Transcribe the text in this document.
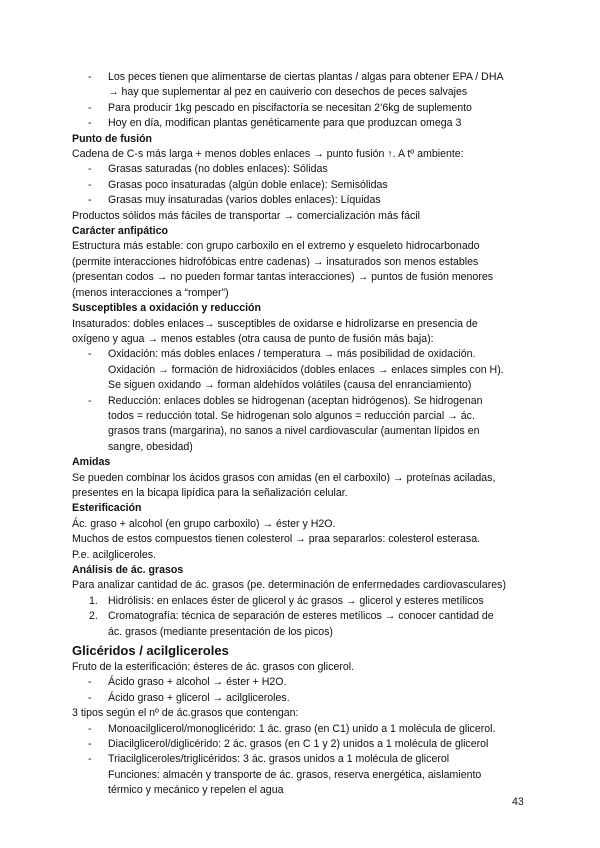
- Los peces tienen que alimentarse de ciertas plantas / algas para obtener EPA / DHA
→ hay que suplementar al pez en cauiverio con desechos de peces salvajes
- Para producir 1kg pescado en piscifactoría se necesitan 2’6kg de suplemento
- Hoy en día, modifican plantas genéticamente para que produzcan omega 3
Punto de fusión
Cadena de C-s más larga + menos dobles enlaces → punto fusión ↑. A tº ambiente:
- Grasas saturadas (no dobles enlaces): Sólidas
- Grasas poco insaturadas (algún doble enlace): Semisólidas
- Grasas muy insaturadas (varios dobles enlaces): Líquidas
Productos sólidos más fáciles de transportar → comercialización más fácil
Carácter anfipático
Estructura más estable: con grupo carboxilo en el extremo y esqueleto hidrocarbonado
(permite interacciones hidrofóbicas entre cadenas) → insaturados son menos estables
(presentan codos → no pueden formar tantas interacciones) → puntos de fusión menores
(menos interacciones a “romper”)
Susceptibles a oxidación y reducción
Insaturados: dobles enlaces→ susceptibles de oxidarse e hidrolizarse en presencia de
oxígeno y agua → menos estables (otra causa de punto de fusión más baja):
- Oxidación: más dobles enlaces / temperatura → más posibilidad de oxidación.
Oxidación → formación de hidroxiácidos (dobles enlaces → enlaces simples con H).
Se siguen oxidando → forman aldehídos volátiles (causa del enranciamiento)
- Reducción: enlaces dobles se hidrogenan (aceptan hidrógenos). Se hidrogenan
todos = reducción total. Se hidrogenan solo algunos = reducción parcial → ác.
grasos trans (margarina), no sanos a nivel cardiovascular (aumentan lípidos en
sangre, obesidad)
Amidas
Se pueden combinar los ácidos grasos con amidas (en el carboxilo) → proteínas aciladas,
presentes en la bicapa lipídica para la señalización celular.
Esterificación
Ác. graso + alcohol (en grupo carboxilo) → éster y H2O.
Muchos de estos compuestos tienen colesterol → praa separarlos: colesterol esterasa.
P.e. acilgliceroles.
Análisis de ác. grasos
Para analizar cantidad de ác. grasos (pe. determinación de enfermedades cardiovasculares)
1. Hidrólisis: en enlaces éster de glicerol y ác grasos → glicerol y esteres metílicos
2. Cromatografía: técnica de separación de esteres metílicos → conocer cantidad de
ác. grasos (mediante presentación de los picos)
Glicéridos / acilgliceroles
Fruto de la esterificación: ésteres de ác. grasos con glicerol.
- Ácido graso + alcohol → éster + H2O.
- Ácido graso + glicerol → acilgliceroles.
3 tipos según el nº de ác.grasos que contengan:
- Monoacilglicerol/monoglicérido: 1 ác. graso (en C1) unido a 1 molécula de glicerol.
- Diacilglicerol/diglicérido: 2 ác. grasos (en C 1 y 2) unidos a 1 molécula de glicerol
- Triacilgliceroles/triglicéridos: 3 ác. grasos unidos a 1 molécula de glicerol
Funciones: almacén y transporte de ác. grasos, reserva energética, aislamiento
térmico y mecánico y repelen el agua
43
